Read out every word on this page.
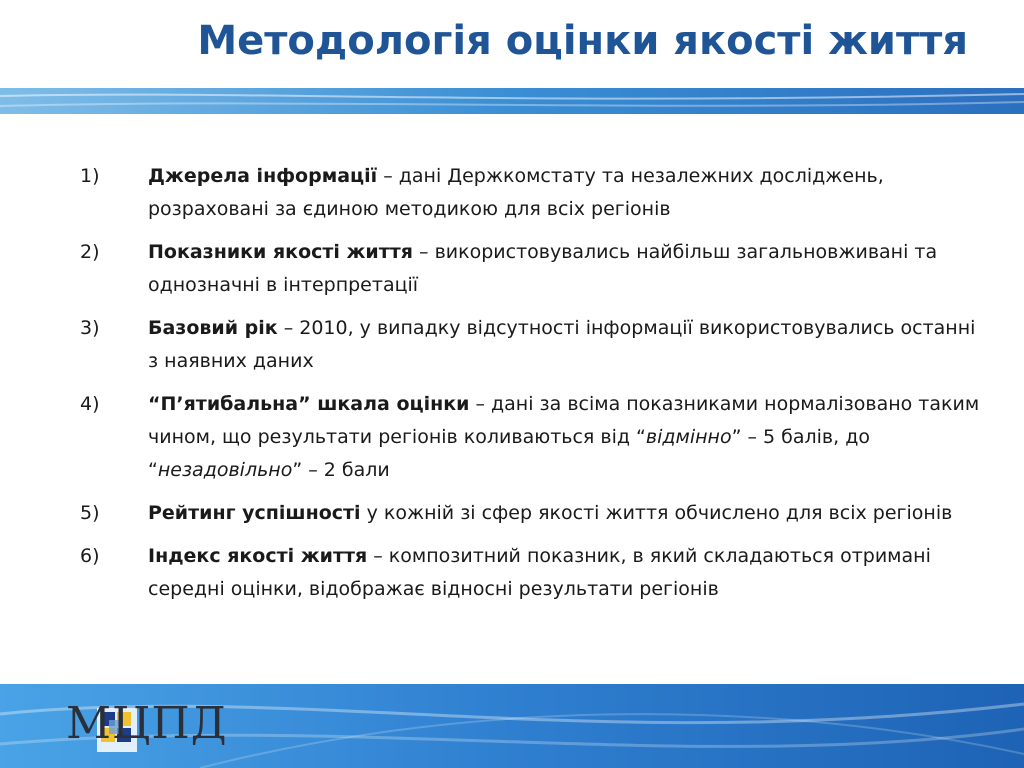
Методологія оцінки якості життя
1)	Джерела інформації – дані Держкомстату та незалежних досліджень, розраховані за єдиною методикою для всіх регіонів
2)	Показники якості життя – використовувались найбільш загальновживані та однозначні в інтерпретації
3)	Базовий рік – 2010, у випадку відсутності інформації використовувались останні з наявних даних
4)	“П’ятибальна” шкала оцінки – дані за всіма показниками нормалізовано таким чином, що результати регіонів коливаються від “відмінно” – 5 балів, до “незадовільно” – 2 бали
5)	Рейтинг успішності у кожній зі сфер якості життя обчислено для всіх регіонів
6)	Індекс якості життя – композитний показник, в який складаються отримані середні оцінки, відображає відносні результати регіонів
МЦПД
